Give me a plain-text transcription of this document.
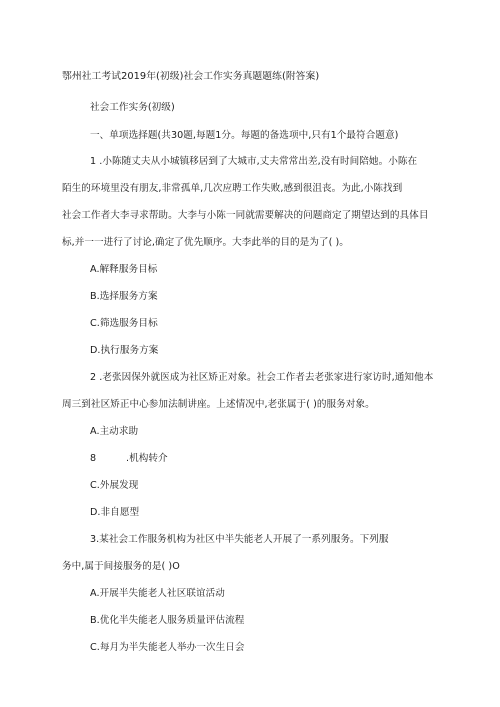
鄂州社工考试2019年(初级)社会工作实务真题题练(附答案)
社会工作实务(初级)
一、单项选择题(共30题,每题1分。每题的备选项中,只有1个最符合题意)
1 .小陈随丈夫从小城镇移居到了大城市,丈夫常常出差,没有时间陪她。小陈在
陌生的环境里没有朋友,非常孤单,几次应聘工作失败,感到很沮丧。为此,小陈找到
社会工作者大李寻求帮助。大李与小陈一同就需要解决的问题商定了期望达到的具体目
标,并一一进行了讨论,确定了优先顺序。大李此举的目的是为了( )。
A.解释服务目标
B.选择服务方案
C.筛选服务目标
D.执行服务方案
2 .老张因保外就医成为社区矫正对象。社会工作者去老张家进行家访时,通知他本
周三到社区矫正中心参加法制讲座。上述情况中,老张属于( )的服务对象。
A.主动求助
8	.机构转介
C.外展发现
D.非自愿型
3.某社会工作服务机构为社区中半失能老人开展了一系列服务。下列服
务中,属于间接服务的是( )O
A.开展半失能老人社区联谊活动
B.优化半失能老人服务质量评估流程
C.每月为半失能老人举办一次生日会
